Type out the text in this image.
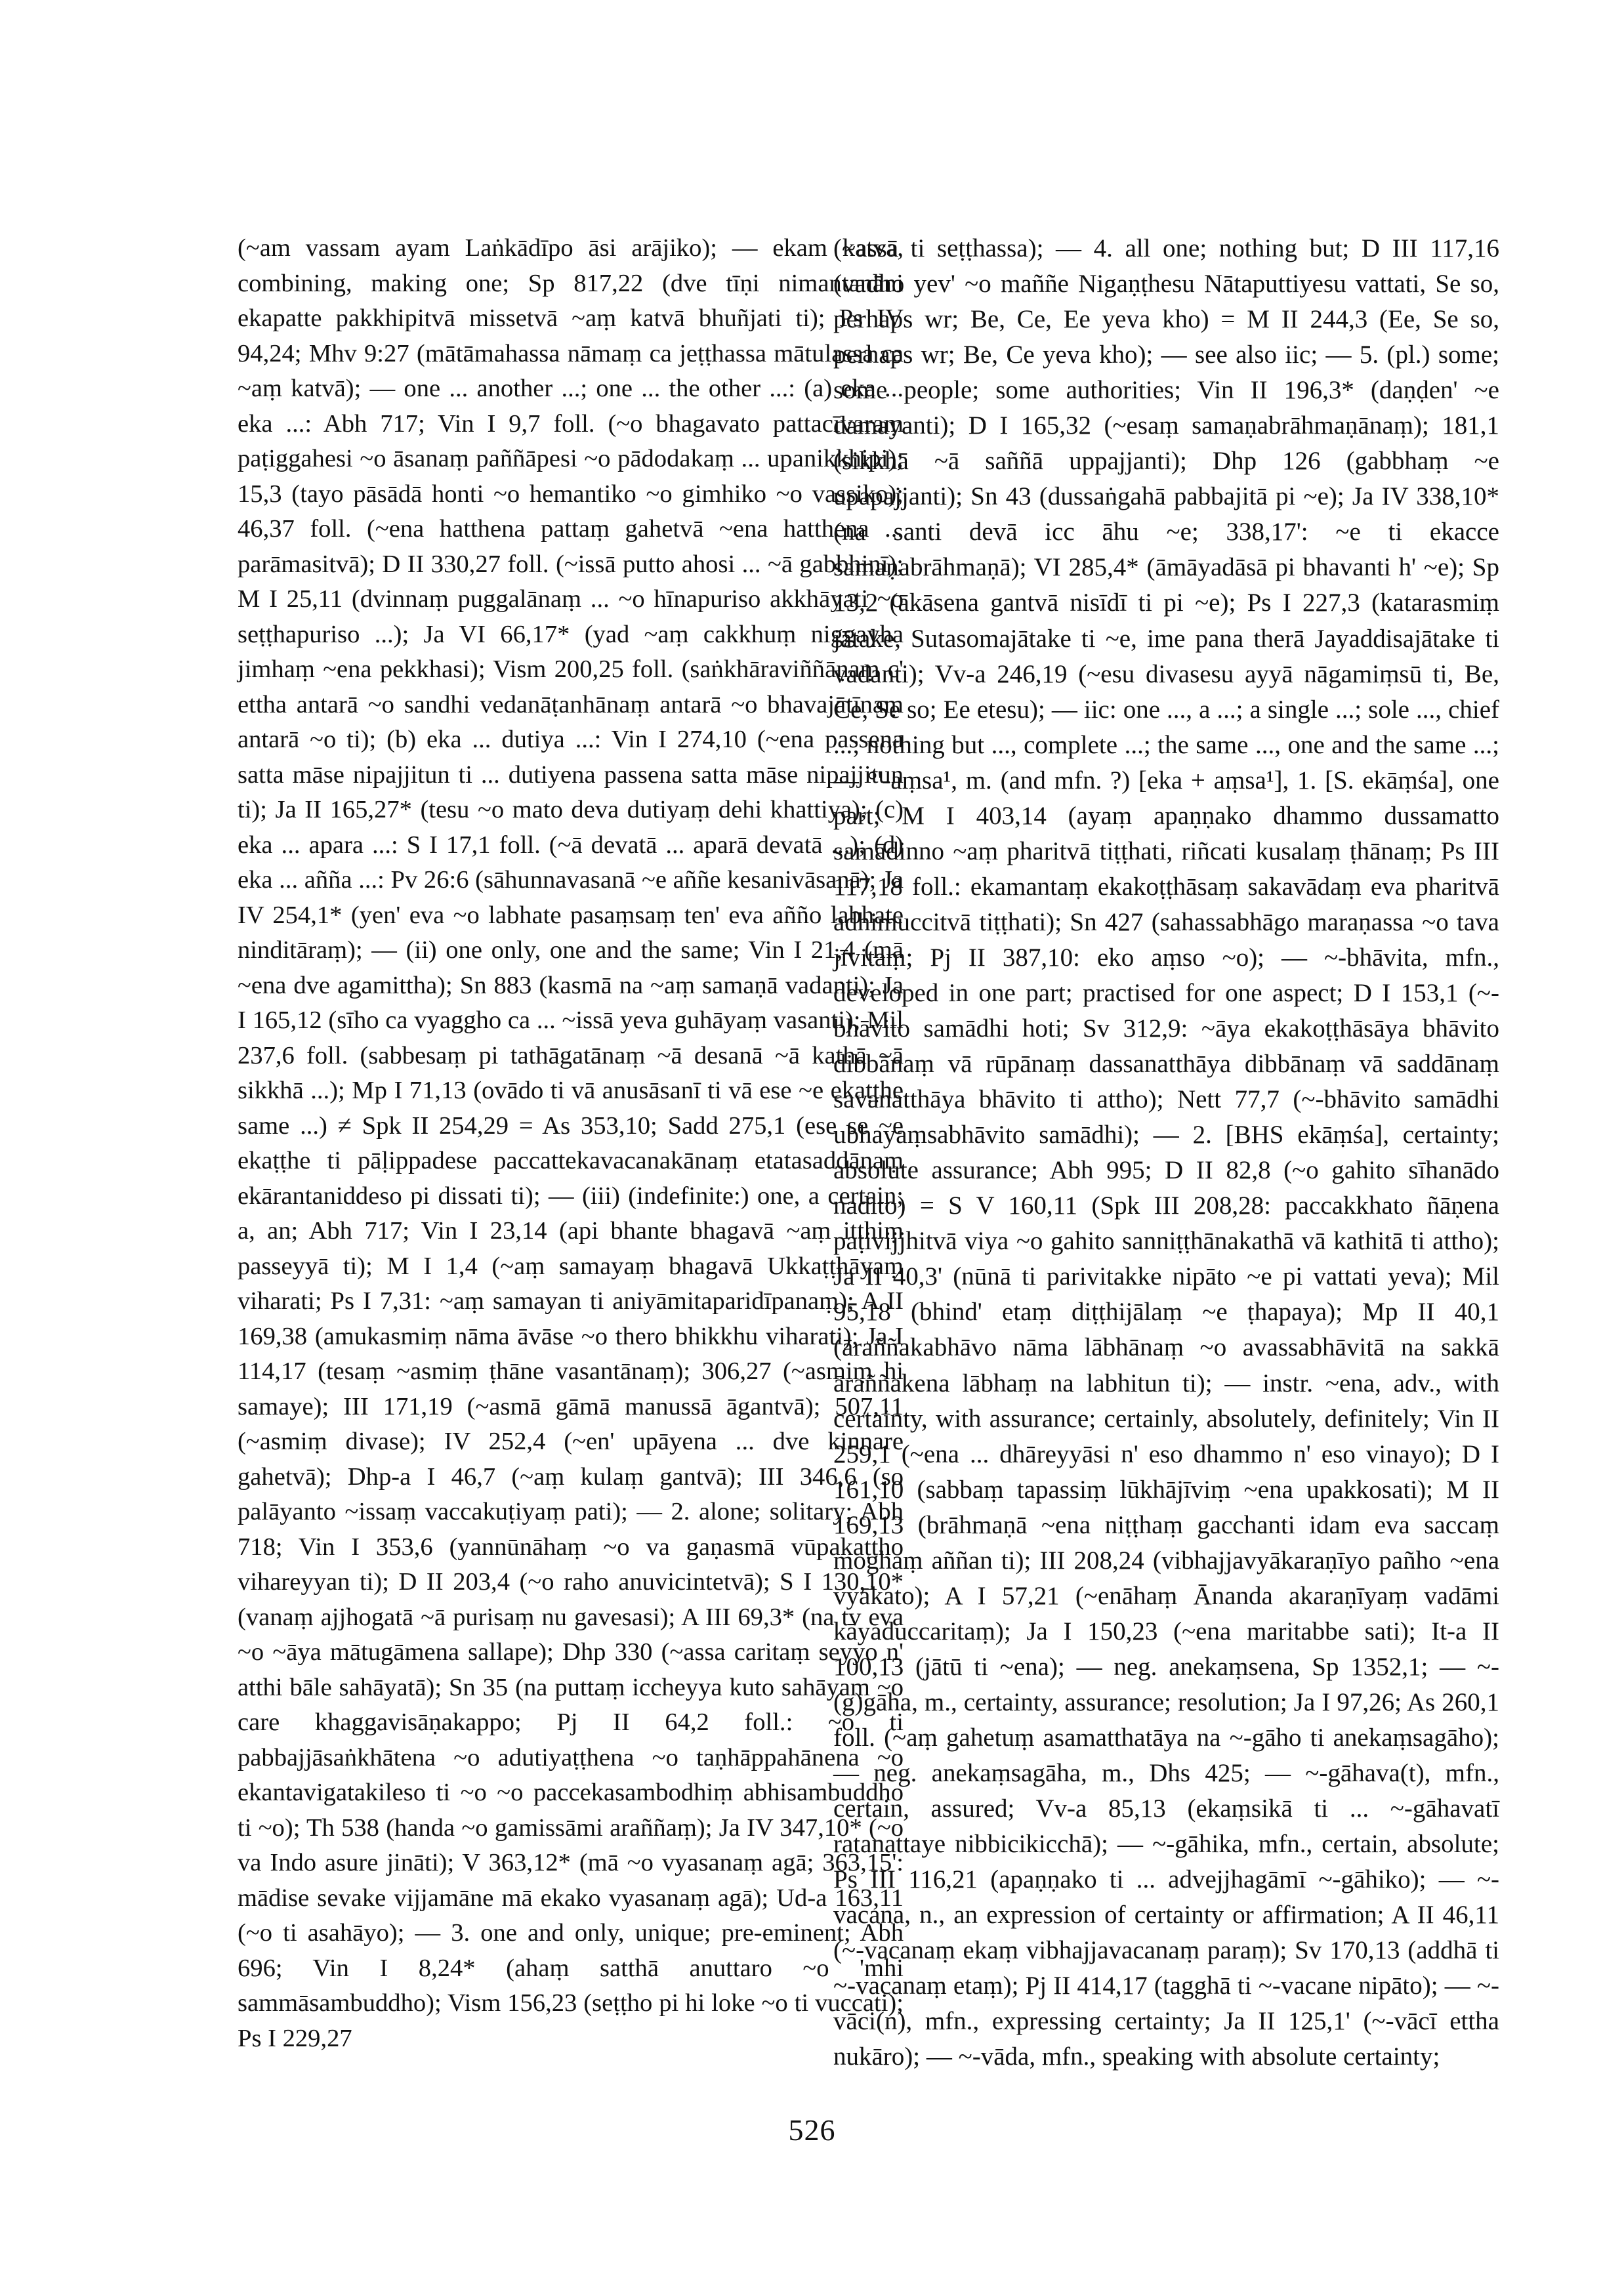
(~am vassam ayam Laṅkādīpo āsi arājiko); — ekam katvā, combining, making one; Sp 817,22 (dve tīṇi nimantanāni ekapatte pakkhipitvā missetvā ~aṃ katvā bhuñjati ti); Ps IV 94,24; Mhv 9:27 (mātāmahassa nāmaṃ ca jeṭṭhassa mātulassa ca ~aṃ katvā); — one ... another ...; one ... the other ...: (a) eka ... eka ...: Abh 717; Vin I 9,7 foll. (~o bhagavato pattacīvaraṃ paṭiggahesi ~o āsanaṃ paññāpesi ~o pādodakaṃ ... upanikkhipi); 15,3 (tayo pāsādā honti ~o hemantiko ~o gimhiko ~o vassiko); 46,37 foll. (~ena hatthena pattaṃ gahetvā ~ena hatthena ... parāmasitvā); D II 330,27 foll. (~issā putto ahosi ... ~ā gabbhinī); M I 25,11 (dvinnaṃ puggalānaṃ ... ~o hīnapuriso akkhāyati ~o seṭṭhapuriso ...); Ja VI 66,17* (yad ~aṃ cakkhuṃ niggayha jimhaṃ ~ena pekkhasi); Vism 200,25 foll. (saṅkhāraviññāṇaṃ c' ettha antarā ~o sandhi vedanāṭanhānaṃ antarā ~o bhavajātīnaṃ antarā ~o ti); (b) eka ... dutiya ...: Vin I 274,10 (~ena passena satta māse nipajjitun ti ... dutiyena passena satta māse nipajjitun ti); Ja II 165,27* (tesu ~o mato deva dutiyaṃ dehi khattiya); (c) eka ... apara ...: S I 17,1 foll. (~ā devatā ... aparā devatā ...); (d) eka ... añña ...: Pv 26:6 (sāhunnavasanā ~e aññe kesanivāsanā); Ja IV 254,1* (yen' eva ~o labhate pasaṃsaṃ ten' eva añño labhate ninditāraṃ); — (ii) one only, one and the same; Vin I 21,4 (mā ~ena dve agamittha); Sn 883 (kasmā na ~aṃ samaṇā vadanti); Ja I 165,12 (sīho ca vyaggho ca ... ~issā yeva guhāyaṃ vasanti); Mil 237,6 foll. (sabbesaṃ pi tathāgatānaṃ ~ā desanā ~ā kathā ~ā sikkhā ...); Mp I 71,13 (ovādo ti vā anusāsanī ti vā ese ~e ekaṭṭhe same ...) ≠ Spk II 254,29 = As 353,10; Sadd 275,1 (ese se ~e ekaṭṭhe ti pāḷippadese paccattekavacanakānaṃ etatasaddānaṃ ekārantaniddeso pi dissati ti); — (iii) (indefinite:) one, a certain; a, an; Abh 717; Vin I 23,14 (api bhante bhagavā ~aṃ itthiṃ passeyyā ti); M I 1,4 (~aṃ samayaṃ bhagavā Ukkaṭṭhāyaṃ viharati; Ps I 7,31: ~aṃ samayan ti aniyāmitaparidīpanaṃ); A II 169,38 (amukasmiṃ nāma āvāse ~o thero bhikkhu viharati); Ja I 114,17 (tesaṃ ~asmiṃ ṭhāne vasantānaṃ); 306,27 (~asmiṃ hi samaye); III 171,19 (~asmā gāmā manussā āgantvā); 507,11 (~asmiṃ divase); IV 252,4 (~en' upāyena ... dve kinnare gahetvā); Dhp-a I 46,7 (~aṃ kulaṃ gantvā); III 346,6 (so palāyanto ~issaṃ vaccakuṭiyaṃ pati); — 2. alone; solitary; Abh 718; Vin I 353,6 (yannūnāhaṃ ~o va gaṇasmā vūpakaṭṭho vihareyyan ti); D II 203,4 (~o raho anuvicintetvā); S I 130,10* (vanaṃ ajjhogatā ~ā purisaṃ nu gavesasi); A III 69,3* (na tv eva ~o ~āya mātugāmena sallape); Dhp 330 (~assa caritaṃ seyyo n' atthi bāle sahāyatā); Sn 35 (na puttaṃ iccheyya kuto sahāyaṃ ~o care khaggavisāṇakappo; Pj II 64,2 foll.: ~o ti pabbajjāsaṅkhātena ~o adutiyaṭṭhena ~o taṇhāppahānena ~o ekantavigatakileso ti ~o ~o paccekasambodhiṃ abhisambuddho ti ~o); Th 538 (handa ~o gamissāmi araññaṃ); Ja IV 347,10* (~o va Indo asure jināti); V 363,12* (mā ~o vyasanaṃ agā; 363,15': mādise sevake vijjamāne mā ekako vyasanaṃ agā); Ud-a 163,11 (~o ti asahāyo); — 3. one and only, unique; pre-eminent; Abh 696; Vin I 8,24* (ahaṃ satthā anuttaro ~o 'mhi sammāsambuddho); Vism 156,23 (seṭṭho pi hi loke ~o ti vuccati); Ps I 229,27

(~assā ti seṭṭhassa); — 4. all one; nothing but; D III 117,16 (vadho yev' ~o maññe Nigaṇṭhesu Nātaputtiyesu vattati, Se so, perhaps wr; Be, Ce, Ee yeva kho) = M II 244,3 (Ee, Se so, perhaps wr; Be, Ce yeva kho); — see also iic; — 5. (pl.) some; some people; some authorities; Vin II 196,3* (daṇḍen' ~e damayanti); D I 165,32 (~esaṃ samaṇabrāhmaṇānaṃ); 181,1 (sikkhā ~ā saññā uppajjanti); Dhp 126 (gabbhaṃ ~e upapajjanti); Sn 43 (dussaṅgahā pabbajitā pi ~e); Ja IV 338,10* (na santi devā icc āhu ~e; 338,17': ~e ti ekacce samaṇabrāhmaṇā); VI 285,4* (āmāyadāsā pi bhavanti h' ~e); Sp 13,2 (ākāsena gantvā nisīdī ti pi ~e); Ps I 227,3 (katarasmiṃ jātake, Sutasomajātake ti ~e, ime pana therā Jayaddisajātake ti vadanti); Vv-a 246,19 (~esu divasesu ayyā nāgamiṃsū ti, Be, Ce, Se so; Ee etesu); — iic: one ..., a ...; a single ...; sole ..., chief ...; nothing but ..., complete ...; the same ..., one and the same ...; — °'-aṃsa¹, m. (and mfn. ?) [eka + aṃsa¹], 1. [S. ekāṃśa], one part; M I 403,14 (ayaṃ apaṇṇako dhammo dussamatto samādinno ~aṃ pharitvā tiṭṭhati, riñcati kusalaṃ ṭhānaṃ; Ps III 117,18 foll.: ekamantaṃ ekakoṭṭhāsaṃ sakavādaṃ eva pharitvā adhimuccitvā tiṭṭhati); Sn 427 (sahassabhāgo maraṇassa ~o tava jīvitaṃ; Pj II 387,10: eko aṃso ~o); — ~-bhāvita, mfn., developed in one part; practised for one aspect; D I 153,1 (~-bhāvito samādhi hoti; Sv 312,9: ~āya ekakoṭṭhāsāya bhāvito dibbānaṃ vā rūpānaṃ dassanatthāya dibbānaṃ vā saddānaṃ savanatthāya bhāvito ti attho); Nett 77,7 (~-bhāvito samādhi ubhayaṃsabhāvito samādhi); — 2. [BHS ekāṃśa], certainty; absolute assurance; Abh 995; D II 82,8 (~o gahito sīhanādo nadito) = S V 160,11 (Spk III 208,28: paccakkhato ñāṇena paṭivijjhitvā viya ~o gahito sanniṭṭhānakathā vā kathitā ti attho); Ja II 40,3' (nūnā ti parivitakke nipāto ~e pi vattati yeva); Mil 95,18 (bhind' etaṃ diṭṭhijālaṃ ~e ṭhapaya); Mp II 40,1 (āraññakabhāvo nāma lābhānaṃ ~o avassabhāvitā na sakkā āraññakena lābhaṃ na labhitun ti); — instr. ~ena, adv., with certainty, with assurance; certainly, absolutely, definitely; Vin II 259,1 (~ena ... dhāreyyāsi n' eso dhammo n' eso vinayo); D I 161,10 (sabbaṃ tapassiṃ lūkhājīviṃ ~ena upakkosati); M II 169,13 (brāhmaṇā ~ena niṭṭhaṃ gacchanti idam eva saccaṃ moghaṃ aññan ti); III 208,24 (vibhajjavyākaraṇīyo pañho ~ena vyākato); A I 57,21 (~enāhaṃ Ānanda akaraṇīyaṃ vadāmi kāyaduccaritaṃ); Ja I 150,23 (~ena maritabbe sati); It-a II 100,13 (jātū ti ~ena); — neg. anekaṃsena, Sp 1352,1; — ~-(g)gāha, m., certainty, assurance; resolution; Ja I 97,26; As 260,1 foll. (~aṃ gahetuṃ asamatthatāya na ~-gāho ti anekaṃsagāho); — neg. anekaṃsagāha, m., Dhs 425; — ~-gāhava(t), mfn., certain, assured; Vv-a 85,13 (ekaṃsikā ti ... ~-gāhavatī ratanattaye nibbicikicchā); — ~-gāhika, mfn., certain, absolute; Ps III 116,21 (apaṇṇako ti ... advejjhagāmī ~-gāhiko); — ~-vacana, n., an expression of certainty or affirmation; A II 46,11 (~-vacanaṃ ekaṃ vibhajjavacanaṃ paraṃ); Sv 170,13 (addhā ti ~-vacanaṃ etaṃ); Pj II 414,17 (tagghā ti ~-vacane nipāto); — ~-vāci(n), mfn., expressing certainty; Ja II 125,1' (~-vācī ettha nukāro); — ~-vāda, mfn., speaking with absolute certainty;

526
